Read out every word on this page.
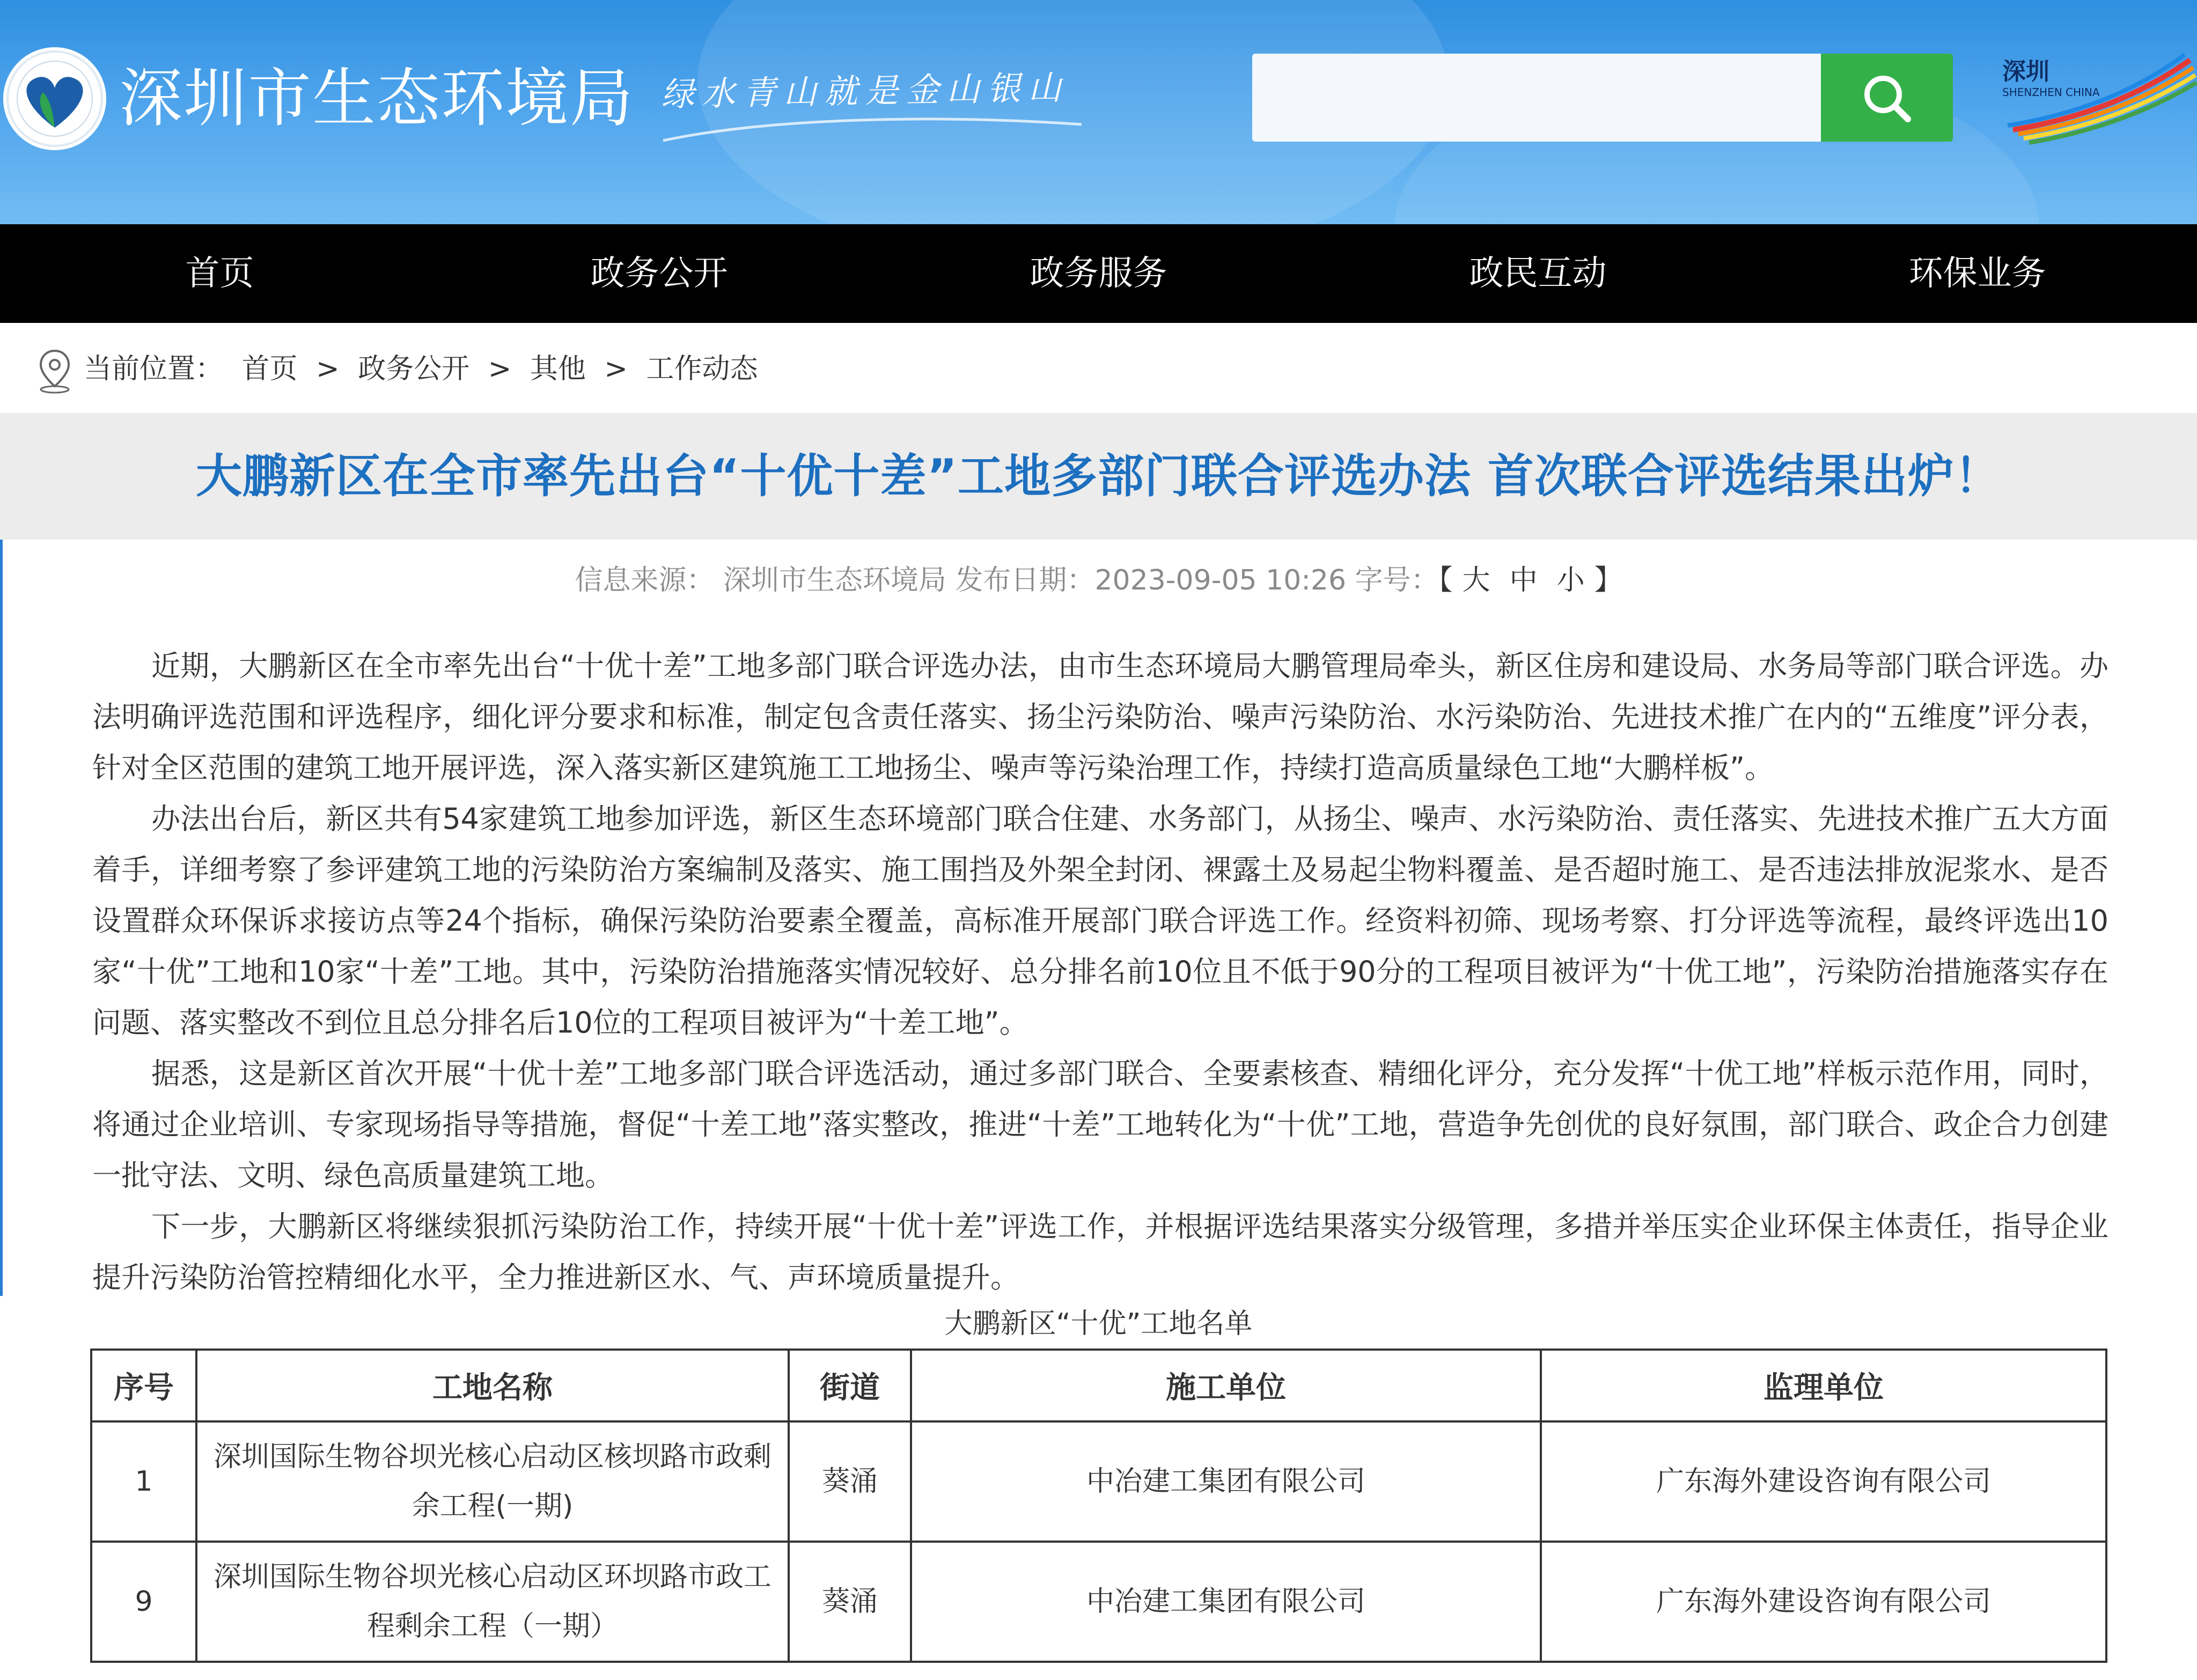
深圳市生态环境局 绿水青山就是金山银山	深圳
SHENZHEN CHINA
首页	政务公开	政务服务	政民互动	环保业务
当前位置： 首页 > 政务公开 > 其他 > 工作动态
大鹏新区在全市率先出台“十优十差”工地多部门联合评选办法 首次联合评选结果出炉！
信息来源： 深圳市生态环境局 发布日期：2023-09-05 10:26 字号：【 大 中 小 】

近期，大鹏新区在全市率先出台“十优十差”工地多部门联合评选办法，由市生态环境局大鹏管理局牵头，新区住房和建设局、水务局等部门联合评选。办法明确评选范围和评选程序，细化评分要求和标准，制定包含责任落实、扬尘污染防治、噪声污染防治、水污染防治、先进技术推广在内的“五维度”评分表，针对全区范围的建筑工地开展评选，深入落实新区建筑施工工地扬尘、噪声等污染治理工作，持续打造高质量绿色工地“大鹏样板”。

办法出台后，新区共有54家建筑工地参加评选，新区生态环境部门联合住建、水务部门，从扬尘、噪声、水污染防治、责任落实、先进技术推广五大方面着手，详细考察了参评建筑工地的污染防治方案编制及落实、施工围挡及外架全封闭、裸露土及易起尘物料覆盖、是否超时施工、是否违法排放泥浆水、是否设置群众环保诉求接访点等24个指标，确保污染防治要素全覆盖，高标准开展部门联合评选工作。经资料初筛、现场考察、打分评选等流程，最终评选出10家“十优”工地和10家“十差”工地。其中，污染防治措施落实情况较好、总分排名前10位且不低于90分的工程项目被评为“十优工地”，污染防治措施落实存在问题、落实整改不到位且总分排名后10位的工程项目被评为“十差工地”。

据悉，这是新区首次开展“十优十差”工地多部门联合评选活动，通过多部门联合、全要素核查、精细化评分，充分发挥“十优工地”样板示范作用，同时，将通过企业培训、专家现场指导等措施，督促“十差工地”落实整改，推进“十差”工地转化为“十优”工地，营造争先创优的良好氛围，部门联合、政企合力创建一批守法、文明、绿色高质量建筑工地。

下一步，大鹏新区将继续狠抓污染防治工作，持续开展“十优十差”评选工作，并根据评选结果落实分级管理，多措并举压实企业环保主体责任，指导企业提升污染防治管控精细化水平，全力推进新区水、气、声环境质量提升。

大鹏新区“十优”工地名单
序号	工地名称	街道	施工单位	监理单位
1	深圳国际生物谷坝光核心启动区核坝路市政剩余工程(一期)	葵涌	中冶建工集团有限公司	广东海外建设咨询有限公司
9	深圳国际生物谷坝光核心启动区环坝路市政工程剩余工程（一期）	葵涌	中冶建工集团有限公司	广东海外建设咨询有限公司
